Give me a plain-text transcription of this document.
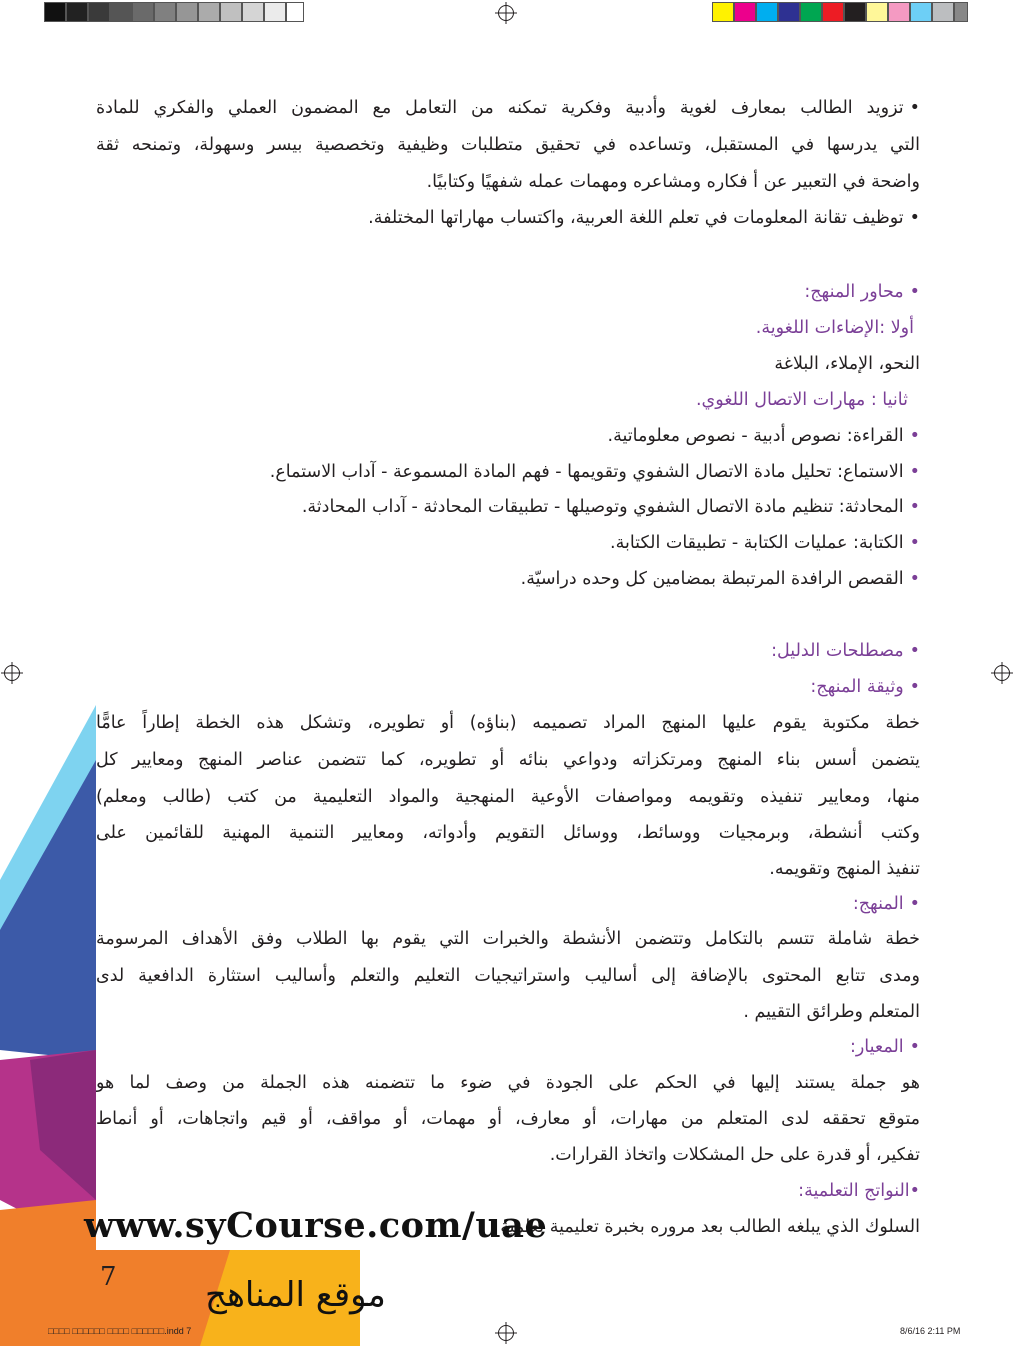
• تزويد الطالب بمعارف لغوية وأدبية وفكرية تمكنه من التعامل مع المضمون العملي والفكري للمادة
التي يدرسها في المستقبل، وتساعده في تحقيق متطلبات وظيفية وتخصصية بيسر وسهولة، وتمنحه ثقة
واضحة في التعبير عن أ فكاره ومشاعره ومهمات عمله شفهيًا وكتابيًا.
• توظيف تقانة المعلومات في تعلم اللغة العربية، واكتساب مهاراتها المختلفة.
• محاور المنهج:
أولا :الإضاءات اللغوية.
النحو، الإملاء، البلاغة
ثانيا : مهارات الاتصال اللغوي.
• القراءة: نصوص أدبية - نصوص معلوماتية.
• الاستماع: تحليل مادة الاتصال الشفوي وتقويمها - فهم المادة المسموعة - آداب الاستماع.
• المحادثة: تنظيم مادة الاتصال الشفوي وتوصيلها - تطبيقات المحادثة - آداب المحادثة.
• الكتابة: عمليات الكتابة - تطبيقات الكتابة.
• القصص الرافدة المرتبطة بمضامين كل وحده دراسيّة.
• مصطلحات الدليل:
• وثيقة المنهج:
خطة مكتوبة يقوم عليها المنهج المراد تصميمه (بناؤه) أو تطويره، وتشكل هذه الخطة إطاراً عامًّا
يتضمن أسس بناء المنهج ومرتكزاته ودواعي بنائه أو تطويره، كما تتضمن عناصر المنهج ومعايير كل
منها، ومعايير تنفيذه وتقويمه ومواصفات الأوعية المنهجية والمواد التعليمية من كتب (طالب ومعلم)
وكتب أنشطة، وبرمجيات ووسائط، ووسائل التقويم وأدواته، ومعايير التنمية المهنية للقائمين على
تنفيذ المنهج وتقويمه.
• المنهج:
خطة شاملة تتسم بالتكامل وتتضمن الأنشطة والخبرات التي يقوم بها الطلاب وفق الأهداف المرسومة
ومدى تتابع المحتوى بالإضافة إلى أساليب واستراتيجيات التعليم والتعلم وأساليب استثارة الدافعية لدى
المتعلم وطرائق التقييم .
• المعيار:
هو جملة يستند إليها في الحكم على الجودة في ضوء ما تتضمنه هذه الجملة من وصف لما هو
متوقع تحققه لدى المتعلم من مهارات، أو معارف، أو مهمات، أو مواقف، أو قيم واتجاهات، أو أنماط
تفكير، أو قدرة على حل المشكلات واتخاذ القرارات.
•النواتج التعلمية:
السلوك الذي يبلغه الطالب بعد مروره بخبرة تعليمية تعلمية
www.syCourse.com/uae
7	موقع المناهج
□□□□ □□□□□□ □□□□ □□□□□□.indd 7	8/6/16 2:11 PM
